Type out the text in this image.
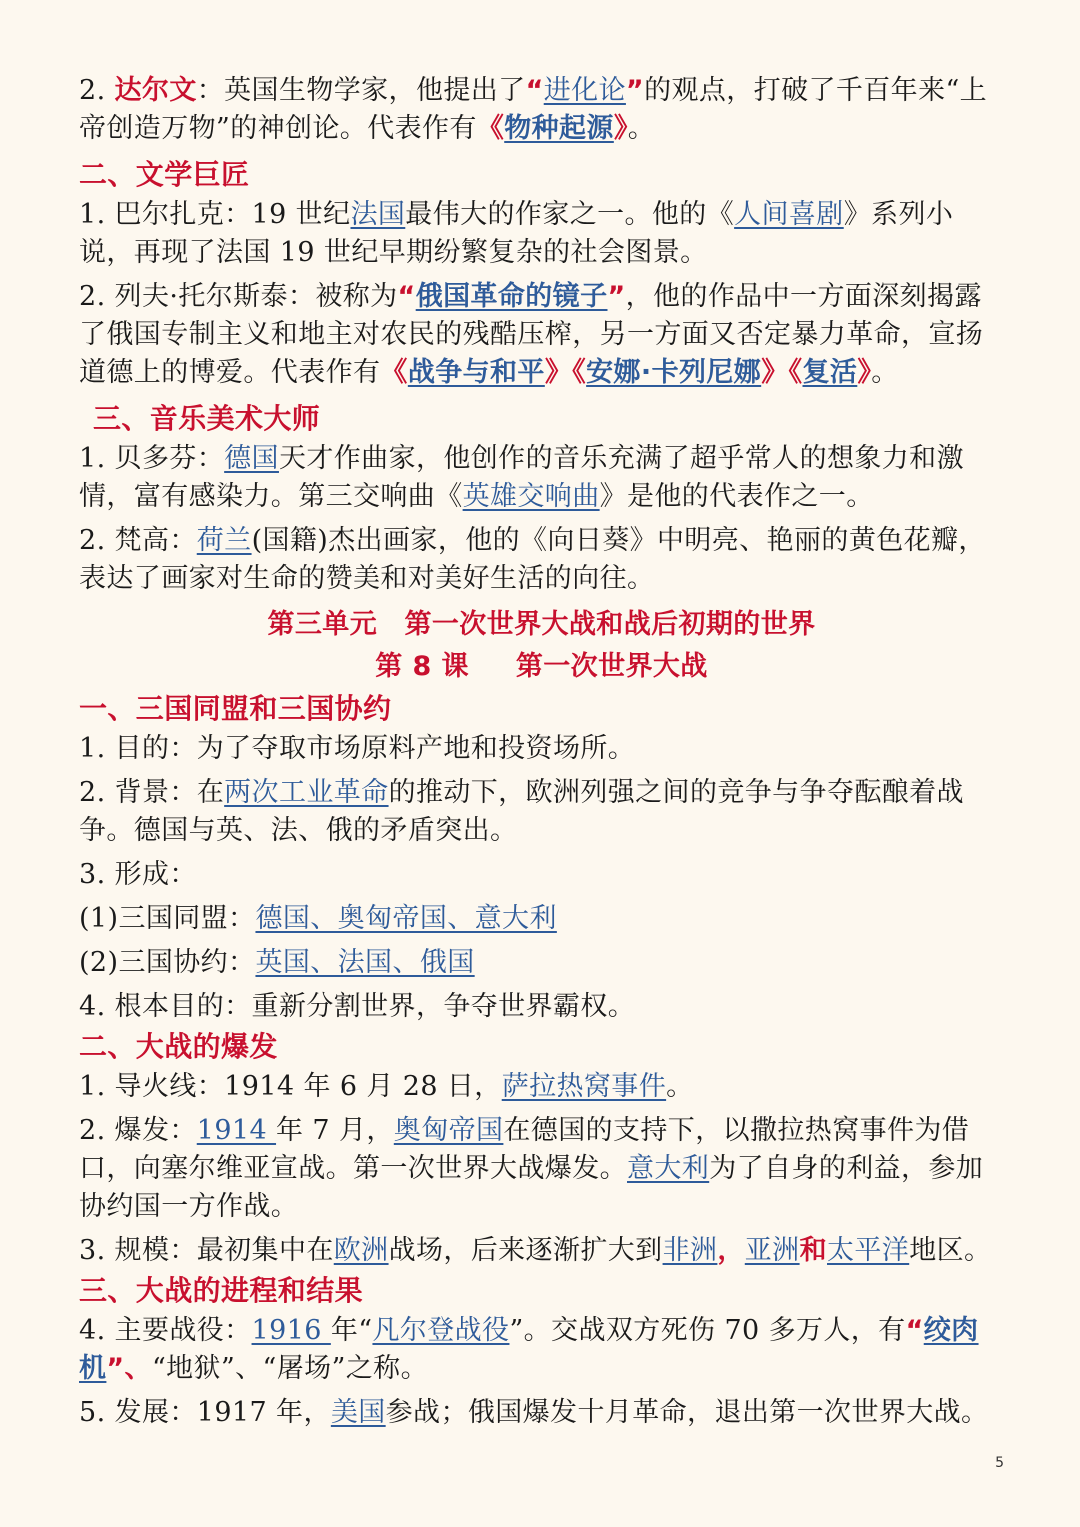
2. 达尔文：英国生物学家，他提出了“进化论”的观点，打破了千百年来“上帝创造万物”的神创论。代表作有《物种起源》。

二、文学巨匠

1. 巴尔扎克：19 世纪法国最伟大的作家之一。他的《人间喜剧》系列小说，再现了法国 19 世纪早期纷繁复杂的社会图景。

2. 列夫·托尔斯泰：被称为“俄国革命的镜子”，他的作品中一方面深刻揭露了俄国专制主义和地主对农民的残酷压榨，另一方面又否定暴力革命，宣扬道德上的博爱。代表作有《战争与和平》《安娜·卡列尼娜》《复活》。

三、音乐美术大师

1. 贝多芬：德国天才作曲家，他创作的音乐充满了超乎常人的想象力和激情，富有感染力。第三交响曲《英雄交响曲》是他的代表作之一。

2. 梵高：荷兰(国籍)杰出画家，他的《向日葵》中明亮、艳丽的黄色花瓣，表达了画家对生命的赞美和对美好生活的向往。

第三单元　第一次世界大战和战后初期的世界

第 8 课　  第一次世界大战

一、三国同盟和三国协约

1. 目的：为了夺取市场原料产地和投资场所。

2. 背景：在两次工业革命的推动下，欧洲列强之间的竞争与争夺酝酿着战争。德国与英、法、俄的矛盾突出。

3. 形成：

(1)三国同盟：德国、奥匈帝国、意大利

(2)三国协约：英国、法国、俄国

4. 根本目的：重新分割世界，争夺世界霸权。

二、大战的爆发

1. 导火线：1914 年 6 月 28 日，萨拉热窝事件。

2. 爆发：1914 年 7 月，奥匈帝国在德国的支持下，以撒拉热窝事件为借口，向塞尔维亚宣战。第一次世界大战爆发。意大利为了自身的利益，参加协约国一方作战。

3. 规模：最初集中在欧洲战场，后来逐渐扩大到非洲，亚洲和太平洋地区。

三、大战的进程和结果

4. 主要战役：1916 年“凡尔登战役”。交战双方死伤 70 多万人，有“绞肉机”、“地狱”、“屠场”之称。

5. 发展：1917 年，美国参战；俄国爆发十月革命，退出第一次世界大战。

5
